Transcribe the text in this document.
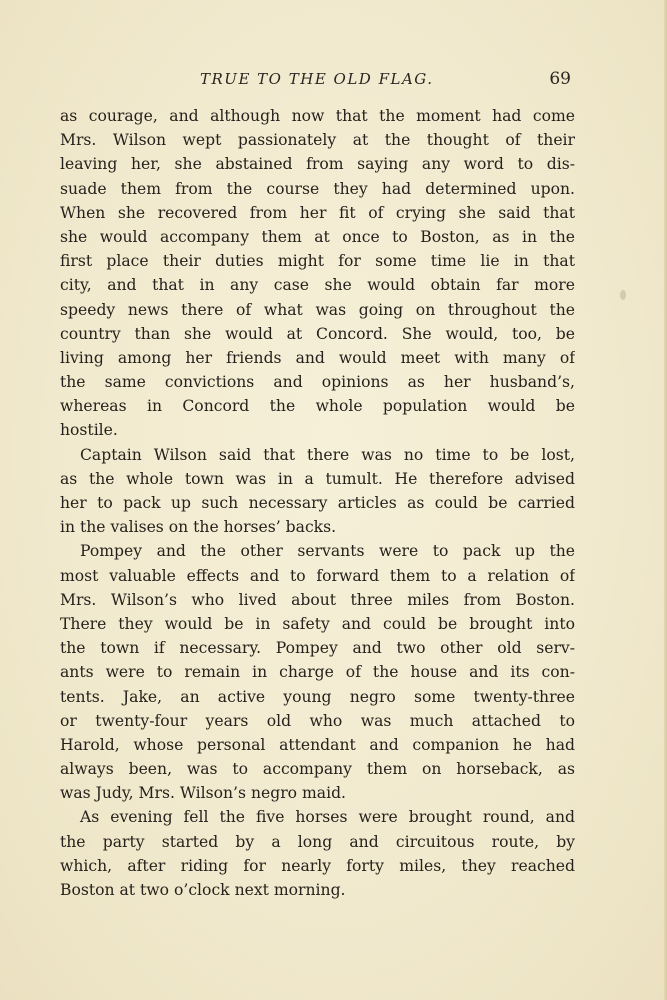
TRUE TO THE OLD FLAG.	69
as courage, and although now that the moment had come
Mrs. Wilson wept passionately at the thought of their
leaving her, she abstained from saying any word to dis-
suade them from the course they had determined upon.
When she recovered from her fit of crying she said that
she would accompany them at once to Boston, as in the
first place their duties might for some time lie in that
city, and that in any case she would obtain far more
speedy news there of what was going on throughout the
country than she would at Concord. She would, too, be
living among her friends and would meet with many of
the same convictions and opinions as her husband’s,
whereas in Concord the whole population would be
hostile.
Captain Wilson said that there was no time to be lost,
as the whole town was in a tumult. He therefore advised
her to pack up such necessary articles as could be carried
in the valises on the horses’ backs.
Pompey and the other servants were to pack up the
most valuable effects and to forward them to a relation of
Mrs. Wilson’s who lived about three miles from Boston.
There they would be in safety and could be brought into
the town if necessary. Pompey and two other old serv-
ants were to remain in charge of the house and its con-
tents. Jake, an active young negro some twenty-three
or twenty-four years old who was much attached to
Harold, whose personal attendant and companion he had
always been, was to accompany them on horseback, as
was Judy, Mrs. Wilson’s negro maid.
As evening fell the five horses were brought round, and
the party started by a long and circuitous route, by
which, after riding for nearly forty miles, they reached
Boston at two o’clock next morning.
